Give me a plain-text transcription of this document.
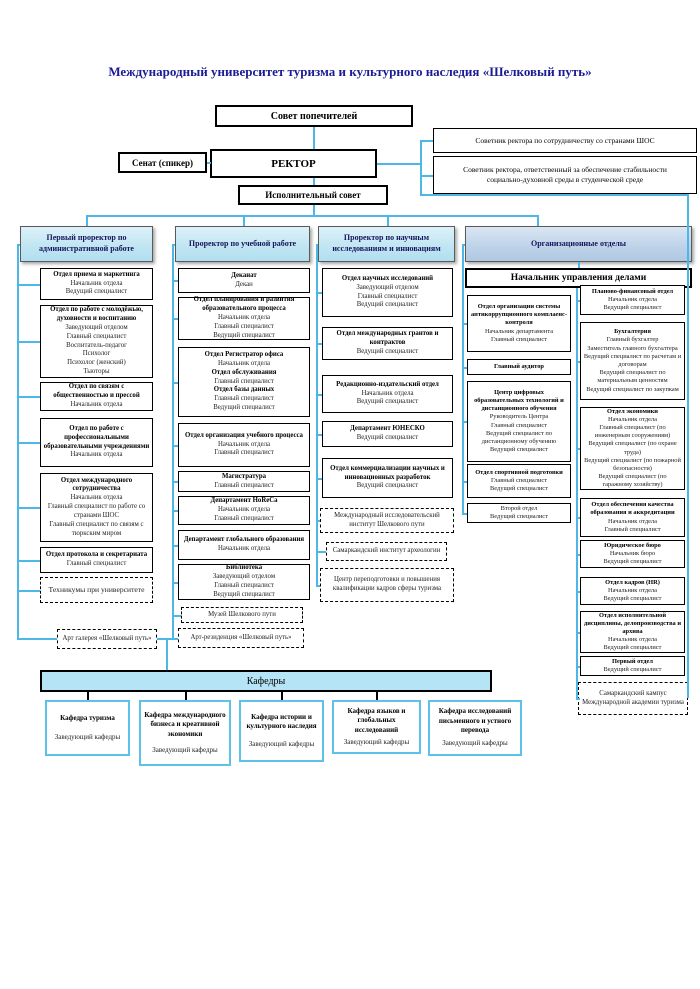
Международный университет туризма и культурного наследия «Шелковый путь»
Совет попечителей
Сенат (спикер)	РЕКТОР
Советник ректора по сотрудничеству со странами ШОС
Советник ректора, ответственный за обеспечение стабильности социально-духовной среды в студенческой среде
Исполнительный совет
Первый проректор по административной работе
Проректор по учебной работе
Проректор по научным исследованиям и инновациям
Организационные отделы
Начальник управления делами
Отдел приема и маркетинга
Начальник отдела
Ведущий специалист
Отдел по работе с молодёжью, духовности и воспитанию
Заведующий отделом
Главный специалист
Воспитатель-педагог
Психолог
Психолог (женский)
Тьюторы
Отдел по связям с общественностью и прессой
Начальник отдела
Отдел по работе с профессиональными образовательными учреждениями
Начальник отдела
Отдел международного сотрудничества
Начальник отдела
Главный специалист по работе со странами ШОС
Главный специалист по связям с тюркским миром
Отдел протокола и секретариата
Главный специалист
Техникумы при университете
Арт галерея «Шелковый путь»
Деканат
Декан
Отдел планирования и развития образовательного процесса
Начальник отдела
Главный специалист
Ведущий специалист
Отдел Регистратор офиса
Начальник отдела
Отдел обслуживания
Главный специалист
Отдел базы данных
Главный специалист
Ведущий специалист
Отдел организация учебного процесса
Начальник отдела
Главный специалист
Магистратура
Главный специалист
Департамент HoReCa
Начальник отдела
Главный специалист
Департамент глобального образования
Начальник отдела
Библиотека
Заведующий отделом
Главный специалист
Ведущий специалист
Музей Шелкового пути
Арт-резиденция «Шелковый путь»
Отдел научных исследований
Заведующий отделом
Главный специалист
Ведущий специалист
Отдел международных грантов и контрактов
Ведущий специалист
Редакционно-издательский отдел
Начальник отдела
Ведущий специалист
Департамент ЮНЕСКО
Ведущий специалист
Отдел коммерциализации научных и инновационных разработок
Ведущий специалист
Международный исследовательский институт Шелкового пути
Самаркандский институт археологии
Центр переподготовки и повышения квалификации кадров сферы туризма
Отдел организации системы антикоррупционного комплаенс-контроля
Начальник департамента
Главный специалист
Главный аудитор
Центр цифровых образовательных технологий и дистанционного обучения
Руководитель Центра
Главный специалист
Ведущий специалист по дистанционному обучению
Ведущий специалист
Отдел спортивной подготовки
Главный специалист
Ведущий специалист
Второй отдел
Ведущий специалист
Планово-финансовый отдел
Начальник отдела
Ведущий специалист
Бухгалтерия
Главный бухгалтер
Заместитель главного бухгалтера
Ведущий специалист по расчетам и договорам
Ведущий специалист по материальным ценностям
Ведущий специалист по закупкам
Отдел экономики
Начальник отдела
Главный специалист (по инженерным сооружениям)
Ведущий специалист (по охране труда)
Ведущий специалист (по пожарной безопасности)
Ведущий специалист (по гаражному хозяйству)
Отдел обеспечения качества образования и аккредитации
Начальник отдела
Главный специалист
Юридическое бюро
Начальник бюро
Ведущий специалист
Отдел кадров (HR)
Начальник отдела
Ведущий специалист
Отдел исполнительной дисциплины, делопроизводства и архива
Начальник отдела
Ведущий специалист
Первый отдел
Ведущий специалист
Самаркандский кампус Международной академии туризма
Кафедры
Кафедра туризма
Заведующий кафедры
Кафедра международного бизнеса и креативной экономики
Заведующий кафедры
Кафедра истории и культурного наследия
Заведующий кафедры
Кафедра языков и глобальных исследований
Заведующий кафедры
Кафедра исследований письменного и устного перевода
Заведующий кафедры
